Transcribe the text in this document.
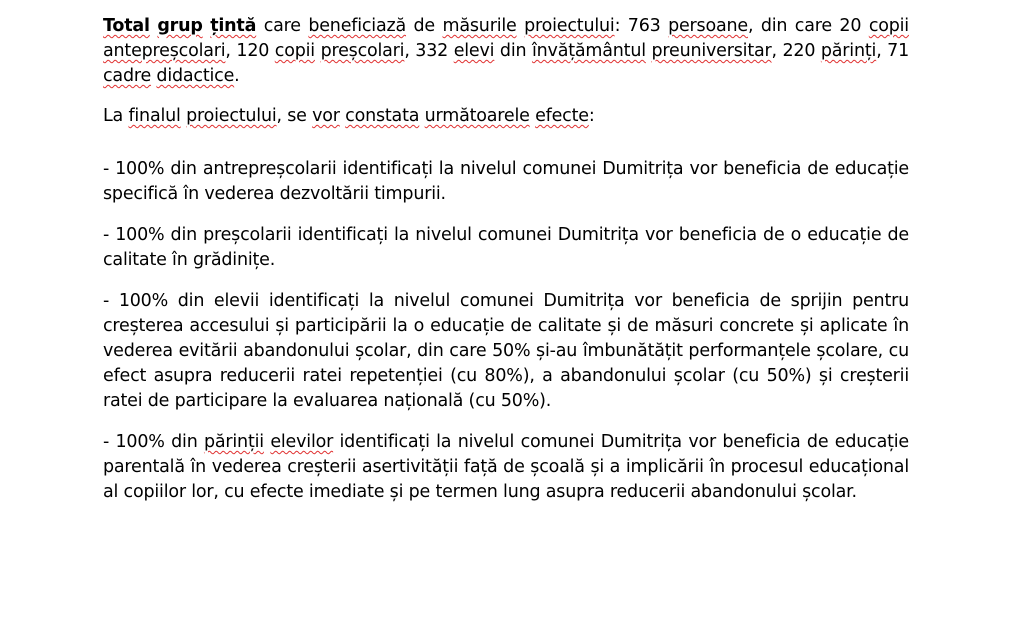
Total grup țintă care beneficiază de măsurile proiectului: 763 persoane, din care 20 copii antepreșcolari, 120 copii preșcolari, 332 elevi din învățământul preuniversitar, 220 părinți, 71 cadre didactice.

La finalul proiectului, se vor constata următoarele efecte:

- 100% din antrepreșcolarii identificați la nivelul comunei Dumitrița vor beneficia de educație specifică în vederea dezvoltării timpurii.

- 100% din preșcolarii identificați la nivelul comunei Dumitrița vor beneficia de o educație de calitate în grădinițe.

- 100% din elevii identificați la nivelul comunei Dumitrița vor beneficia de sprijin pentru creșterea accesului și participării la o educație de calitate și de măsuri concrete și aplicate în vederea evitării abandonului școlar, din care 50% și-au îmbunătățit performanțele școlare, cu efect asupra reducerii ratei repetenției (cu 80%), a abandonului școlar (cu 50%) și creșterii ratei de participare la evaluarea națională (cu 50%).

- 100% din părinții elevilor identificați la nivelul comunei Dumitrița vor beneficia de educație parentală în vederea creșterii asertivității față de școală și a implicării în procesul educațional al copiilor lor, cu efecte imediate și pe termen lung asupra reducerii abandonului școlar.
